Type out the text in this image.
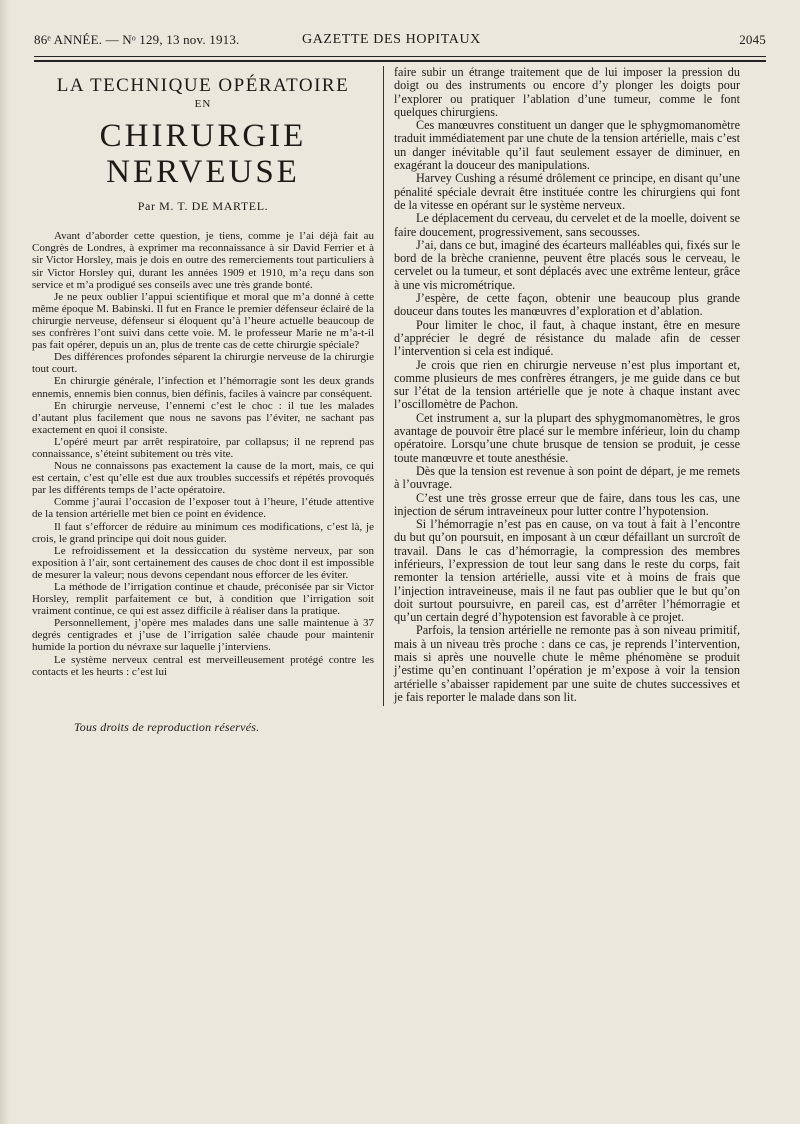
86ᵉ ANNÉE. — Nᵒ 129, 13 nov. 1913.	GAZETTE DES HOPITAUX	2045
LA TECHNIQUE OPÉRATOIRE
EN
CHIRURGIE NERVEUSE
Par M. T. DE MARTEL.

Avant d’aborder cette question, je tiens, comme je l’ai déjà fait au Congrès de Londres, à exprimer ma reconnaissance à sir David Ferrier et à sir Victor Horsley, mais je dois en outre des remerciements tout particuliers à sir Victor Horsley qui, durant les années 1909 et 1910, m’a reçu dans son service et m’a prodigué ses conseils avec une très grande bonté.

Je ne peux oublier l’appui scientifique et moral que m’a donné à cette même époque M. Babinski. Il fut en France le premier défenseur éclairé de la chirurgie nerveuse, défenseur si éloquent qu’à l’heure actuelle beaucoup de ses confrères l’ont suivi dans cette voie. M. le professeur Marie ne m’a-t-il pas fait opérer, depuis un an, plus de trente cas de cette chirurgie spéciale?

Des différences profondes séparent la chirurgie nerveuse de la chirurgie tout court.

En chirurgie générale, l’infection et l’hémorragie sont les deux grands ennemis, ennemis bien connus, bien définis, faciles à vaincre par conséquent.

En chirurgie nerveuse, l’ennemi c’est le choc : il tue les malades d’autant plus facilement que nous ne savons pas l’éviter, ne sachant pas exactement en quoi il consiste.

L’opéré meurt par arrêt respiratoire, par collapsus; il ne reprend pas connaissance, s’éteint subitement ou très vite.

Nous ne connaissons pas exactement la cause de la mort, mais, ce qui est certain, c’est qu’elle est due aux troubles successifs et répétés provoqués par les différents temps de l’acte opératoire.

Comme j’aurai l’occasion de l’exposer tout à l’heure, l’étude attentive de la tension artérielle met bien ce point en évidence.

Il faut s’efforcer de réduire au minimum ces modifications, c’est là, je crois, le grand principe qui doit nous guider.

Le refroidissement et la dessiccation du système nerveux, par son exposition à l’air, sont certainement des causes de choc dont il est impossible de mesurer la valeur; nous devons cependant nous efforcer de les éviter.

La méthode de l’irrigation continue et chaude, préconisée par sir Victor Horsley, remplit parfaitement ce but, à condition que l’irrigation soit vraiment continue, ce qui est assez difficile à réaliser dans la pratique.

Personnellement, j’opère mes malades dans une salle maintenue à 37 degrés centigrades et j’use de l’irrigation salée chaude pour maintenir humide la portion du névraxe sur laquelle j’interviens.

Le système nerveux central est merveilleusement protégé contre les contacts et les heurts : c’est lui

faire subir un étrange traitement que de lui imposer la pression du doigt ou des instruments ou encore d’y plonger les doigts pour l’explorer ou pratiquer l’ablation d’une tumeur, comme le font quelques chirurgiens.

Ces manœuvres constituent un danger que le sphygmomanomètre traduit immédiatement par une chute de la tension artérielle, mais c’est un danger inévitable qu’il faut seulement essayer de diminuer, en exagérant la douceur des manipulations.

Harvey Cushing a résumé drôlement ce principe, en disant qu’une pénalité spéciale devrait être instituée contre les chirurgiens qui font de la vitesse en opérant sur le système nerveux.

Le déplacement du cerveau, du cervelet et de la moelle, doivent se faire doucement, progressivement, sans secousses.

J’ai, dans ce but, imaginé des écarteurs malléables qui, fixés sur le bord de la brèche cranienne, peuvent être placés sous le cerveau, le cervelet ou la tumeur, et sont déplacés avec une extrême lenteur, grâce à une vis micrométrique.

J’espère, de cette façon, obtenir une beaucoup plus grande douceur dans toutes les manœuvres d’exploration et d’ablation.

Pour limiter le choc, il faut, à chaque instant, être en mesure d’apprécier le degré de résistance du malade afin de cesser l’intervention si cela est indiqué.

Je crois que rien en chirurgie nerveuse n’est plus important et, comme plusieurs de mes confrères étrangers, je me guide dans ce but sur l’état de la tension artérielle que je note à chaque instant avec l’oscillomètre de Pachon.

Cet instrument a, sur la plupart des sphygmomanomètres, le gros avantage de pouvoir être placé sur le membre inférieur, loin du champ opératoire. Lorsqu’une chute brusque de tension se produit, je cesse toute manœuvre et toute anesthésie.

Dès que la tension est revenue à son point de départ, je me remets à l’ouvrage.

C’est une très grosse erreur que de faire, dans tous les cas, une injection de sérum intraveineux pour lutter contre l’hypotension.

Si l’hémorragie n’est pas en cause, on va tout à fait à l’encontre du but qu’on poursuit, en imposant à un cœur défaillant un surcroît de travail. Dans le cas d’hémorragie, la compression des membres inférieurs, l’expression de tout leur sang dans le reste du corps, fait remonter la tension artérielle, aussi vite et à moins de frais que l’injection intraveineuse, mais il ne faut pas oublier que le but qu’on doit surtout poursuivre, en pareil cas, est d’arrêter l’hémorragie et qu’un certain degré d’hypotension est favorable à ce projet.

Parfois, la tension artérielle ne remonte pas à son niveau primitif, mais à un niveau très proche : dans ce cas, je reprends l’intervention, mais si après une nouvelle chute le même phénomène se produit j’estime qu’en continuant l’opération je m’expose à voir la tension artérielle s’abaisser rapidement par une suite de chutes successives et je fais reporter le malade dans son lit.

Tous droits de reproduction réservés.
